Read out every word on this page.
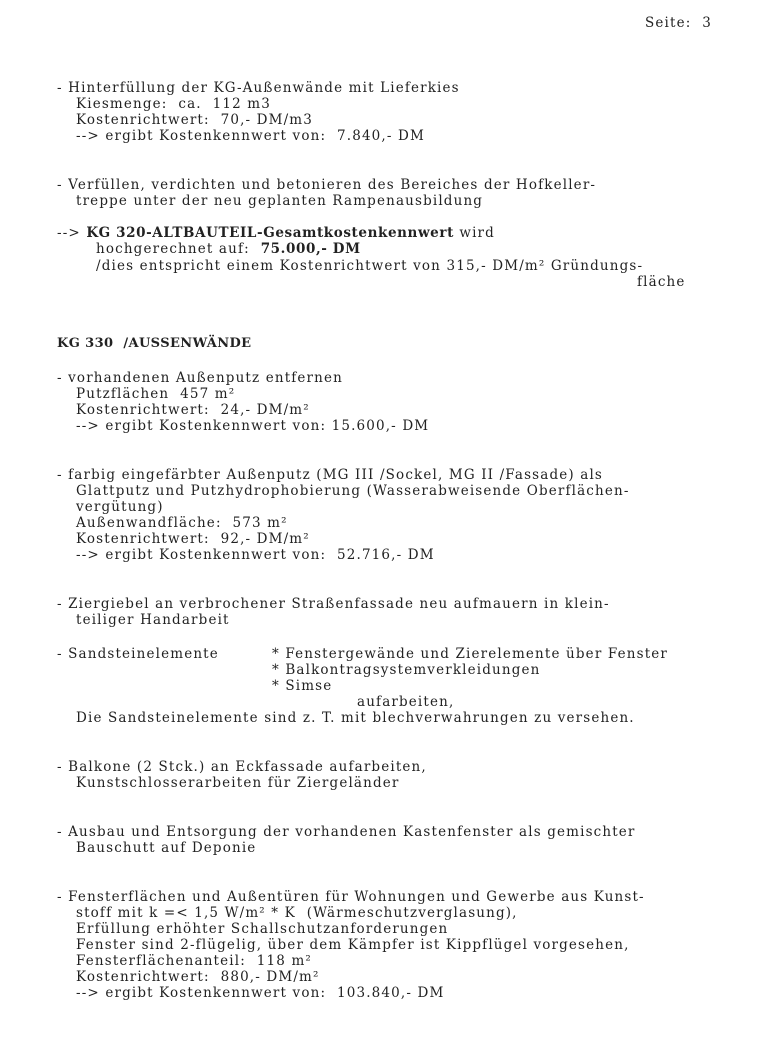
Seite:  3
- Hinterfüllung der KG-Außenwände mit Lieferkies
Kiesmenge:  ca.  112 m3
Kostenrichtwert:  70,- DM/m3
--> ergibt Kostenkennwert von:  7.840,- DM
- Verfüllen, verdichten und betonieren des Bereiches der Hofkeller-
treppe unter der neu geplanten Rampenausbildung
--> KG 320-ALTBAUTEIL-Gesamtkostenkennwert wird
hochgerechnet auf:  75.000,- DM
/dies entspricht einem Kostenrichtwert von 315,- DM/m² Gründungs-
fläche
KG 330  /AUSSENWÄNDE
- vorhandenen Außenputz entfernen
Putzflächen  457 m²
Kostenrichtwert:  24,- DM/m²
--> ergibt Kostenkennwert von: 15.600,- DM
- farbig eingefärbter Außenputz (MG III /Sockel, MG II /Fassade) als
Glattputz und Putzhydrophobierung (Wasserabweisende Oberflächen-
vergütung)
Außenwandfläche:  573 m²
Kostenrichtwert:  92,- DM/m²
--> ergibt Kostenkennwert von:  52.716,- DM
- Ziergiebel an verbrochener Straßenfassade neu aufmauern in klein-
teiliger Handarbeit
- Sandsteinelemente	* Fenstergewände und Zierelemente über Fenster
* Balkontragsystemverkleidungen
* Simse
aufarbeiten,
Die Sandsteinelemente sind z. T. mit blechverwahrungen zu versehen.
- Balkone (2 Stck.) an Eckfassade aufarbeiten,
Kunstschlosserarbeiten für Ziergeländer
- Ausbau und Entsorgung der vorhandenen Kastenfenster als gemischter
Bauschutt auf Deponie
- Fensterflächen und Außentüren für Wohnungen und Gewerbe aus Kunst-
stoff mit k =< 1,5 W/m² * K  (Wärmeschutzverglasung),
Erfüllung erhöhter Schallschutzanforderungen
Fenster sind 2-flügelig, über dem Kämpfer ist Kippflügel vorgesehen,
Fensterflächenanteil:  118 m²
Kostenrichtwert:  880,- DM/m²
--> ergibt Kostenkennwert von:  103.840,- DM
